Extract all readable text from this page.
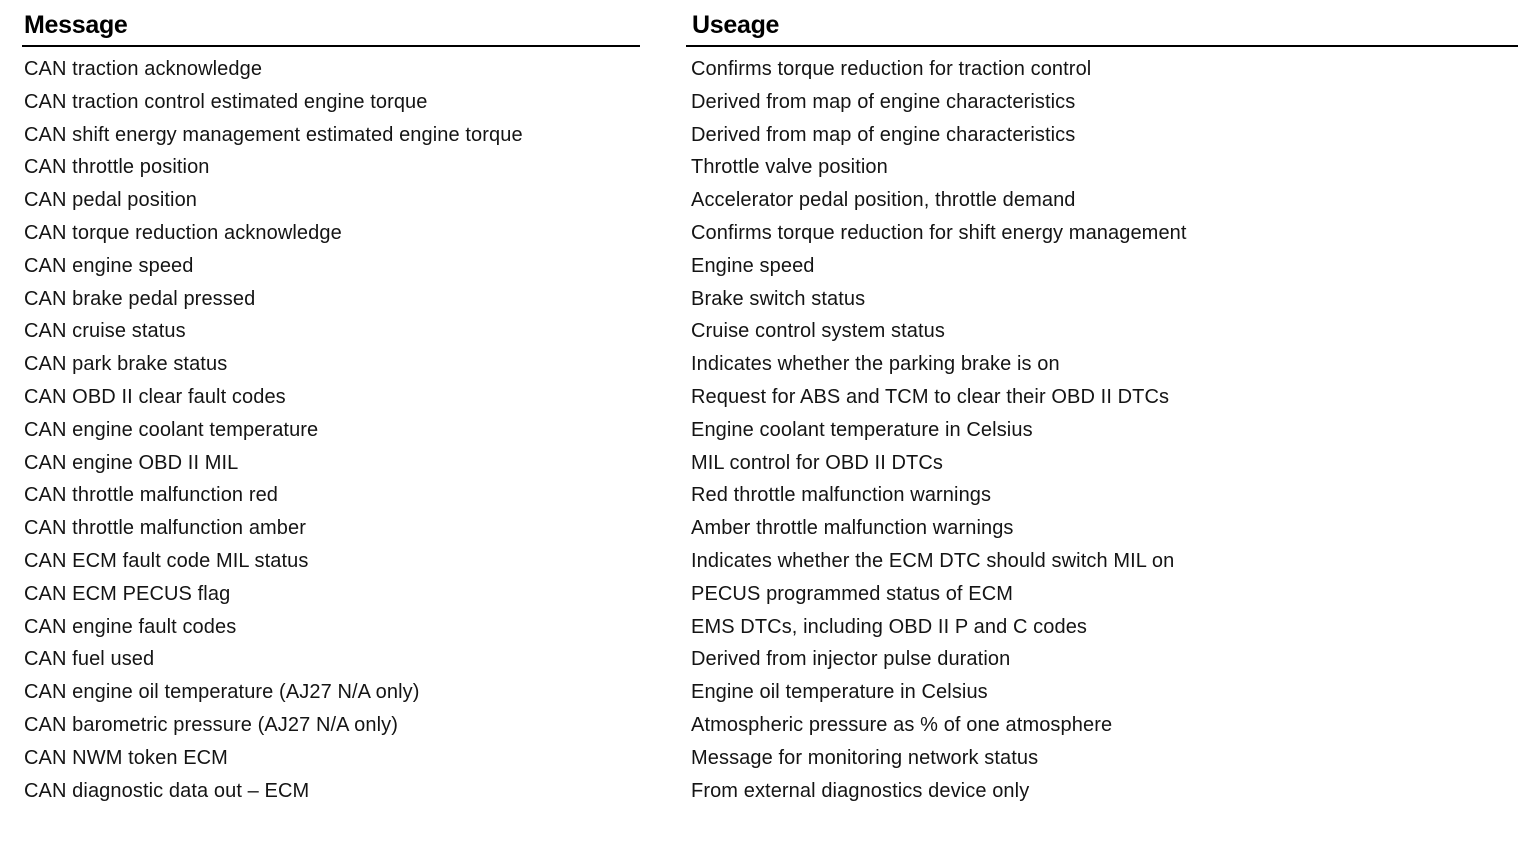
Message	Useage
CAN traction acknowledge	Confirms torque reduction for traction control
CAN traction control estimated engine torque	Derived from map of engine characteristics
CAN shift energy management estimated engine torque	Derived from map of engine characteristics
CAN throttle position	Throttle valve position
CAN pedal position	Accelerator pedal position, throttle demand
CAN torque reduction acknowledge	Confirms torque reduction for shift energy management
CAN engine speed	Engine speed
CAN brake pedal pressed	Brake switch status
CAN cruise status	Cruise control system status
CAN park brake status	Indicates whether the parking brake is on
CAN OBD II clear fault codes	Request for ABS and TCM to clear their OBD II DTCs
CAN engine coolant temperature	Engine coolant temperature in Celsius
CAN engine OBD II MIL	MIL control for OBD II DTCs
CAN throttle malfunction red	Red throttle malfunction warnings
CAN throttle malfunction amber	Amber throttle malfunction warnings
CAN ECM fault code MIL status	Indicates whether the ECM DTC should switch MIL on
CAN ECM PECUS flag	PECUS programmed status of ECM
CAN engine fault codes	EMS DTCs, including OBD II P and C codes
CAN fuel used	Derived from injector pulse duration
CAN engine oil temperature (AJ27 N/A only)	Engine oil temperature in Celsius
CAN barometric pressure (AJ27 N/A only)	Atmospheric pressure as % of one atmosphere
CAN NWM token ECM	Message for monitoring network status
CAN diagnostic data out – ECM	From external diagnostics device only
